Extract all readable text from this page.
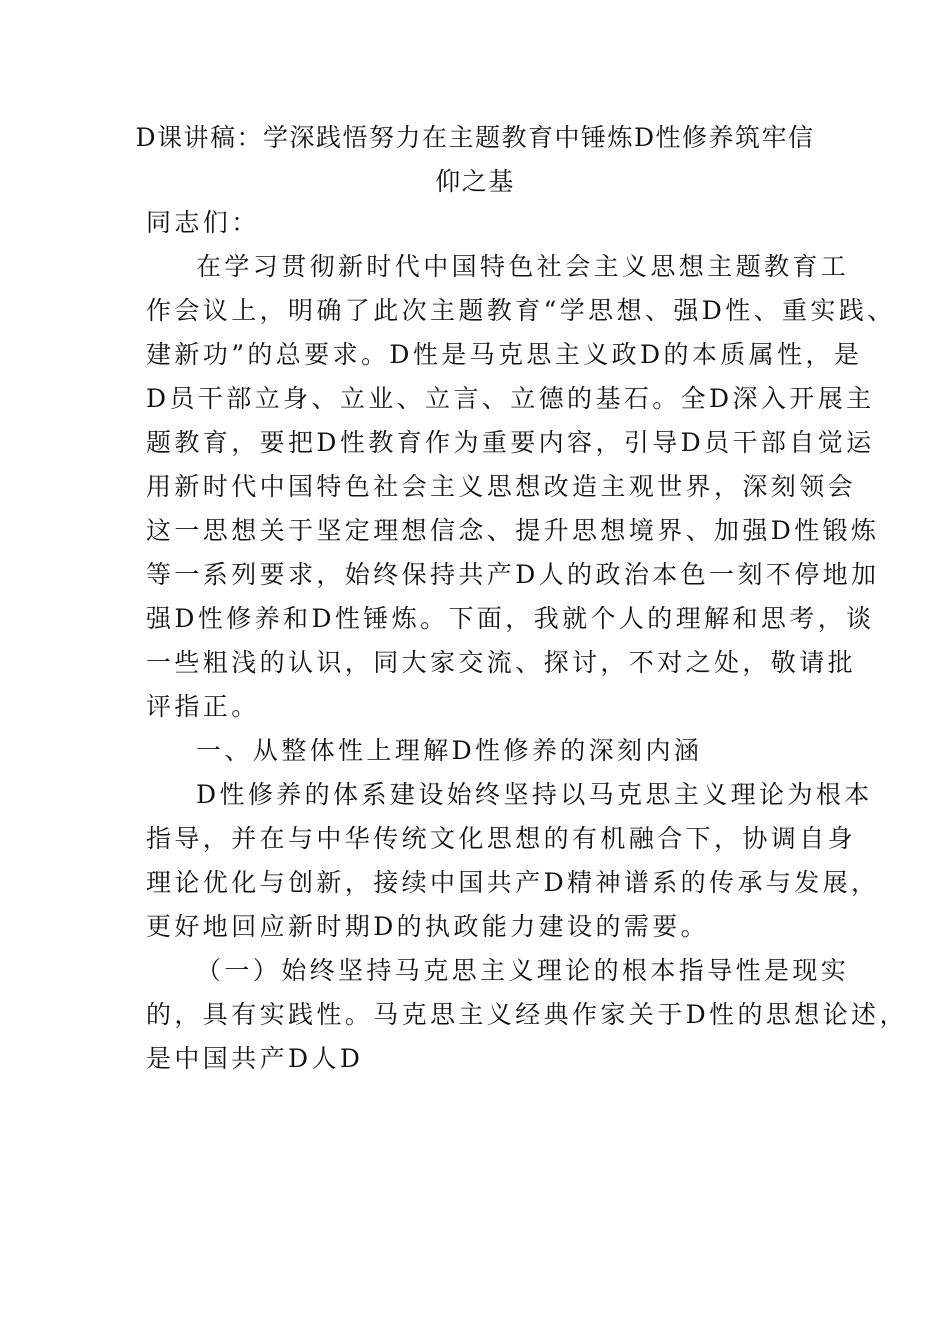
D课讲稿：学深践悟努力在主题教育中锤炼D性修养筑牢信
仰之基
同志们：
在学习贯彻新时代中国特色社会主义思想主题教育工
作会议上，明确了此次主题教育“学思想、强D性、重实践、
建新功”的总要求。D性是马克思主义政D的本质属性，是
D员干部立身、立业、立言、立德的基石。全D深入开展主
题教育，要把D性教育作为重要内容，引导D员干部自觉运
用新时代中国特色社会主义思想改造主观世界，深刻领会
这一思想关于坚定理想信念、提升思想境界、加强D性锻炼
等一系列要求，始终保持共产D人的政治本色一刻不停地加
强D性修养和D性锤炼。下面，我就个人的理解和思考，谈
一些粗浅的认识，同大家交流、探讨，不对之处，敬请批
评指正。
一、从整体性上理解D性修养的深刻内涵
D性修养的体系建设始终坚持以马克思主义理论为根本
指导，并在与中华传统文化思想的有机融合下，协调自身
理论优化与创新，接续中国共产D精神谱系的传承与发展，
更好地回应新时期D的执政能力建设的需要。
（一）始终坚持马克思主义理论的根本指导性是现实
的，具有实践性。马克思主义经典作家关于D性的思想论述，
是中国共产D人D
